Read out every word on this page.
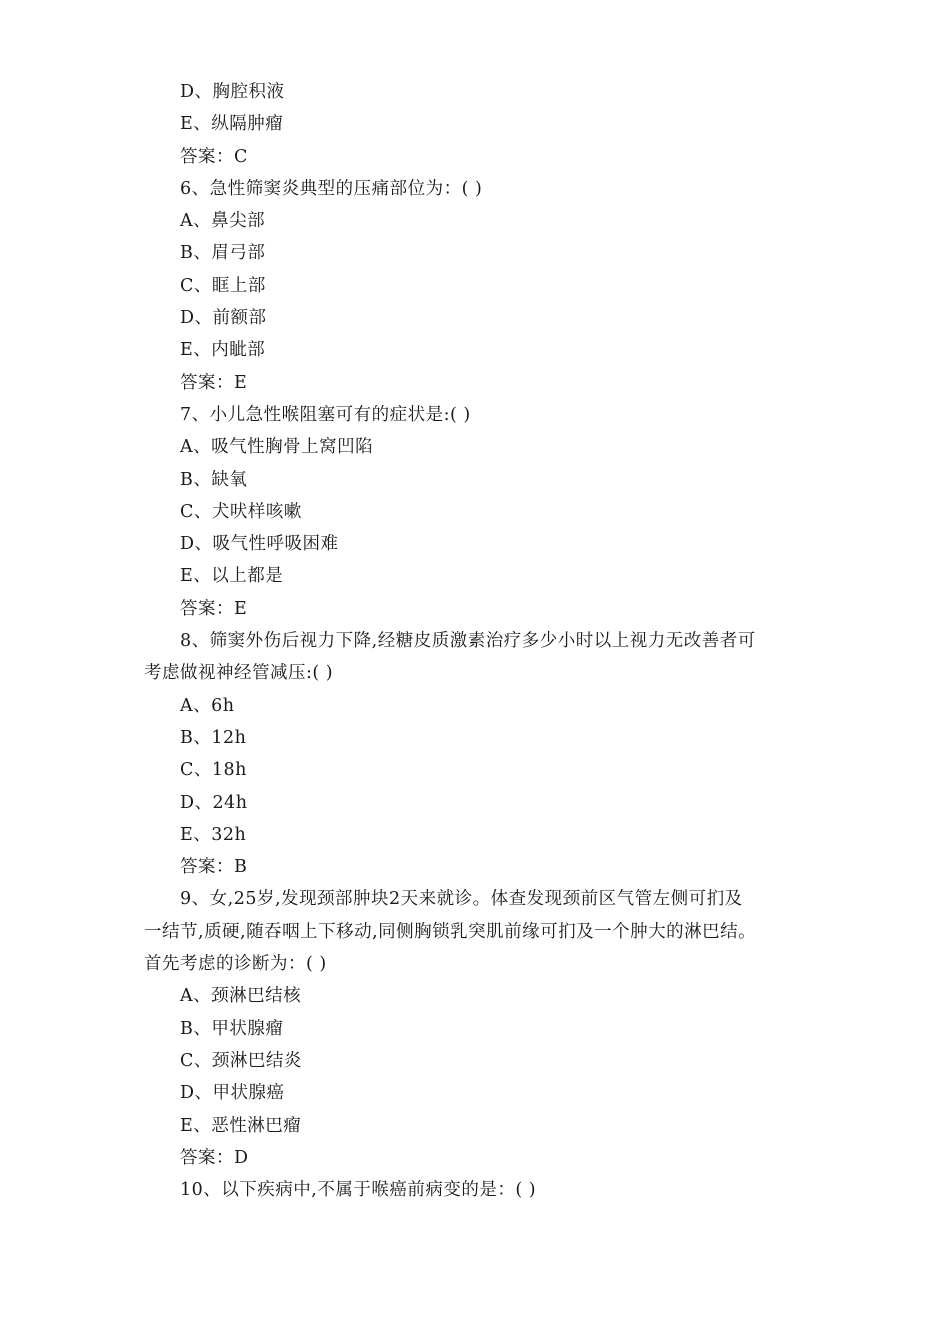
D、胸腔积液
E、纵隔肿瘤
答案：C
6、急性筛窦炎典型的压痛部位为：( )
A、鼻尖部
B、眉弓部
C、眶上部
D、前额部
E、内眦部
答案：E
7、小儿急性喉阻塞可有的症状是:( )
A、吸气性胸骨上窝凹陷
B、缺氧
C、犬吠样咳嗽
D、吸气性呼吸困难
E、以上都是
答案：E
8、筛窦外伤后视力下降,经糖皮质激素治疗多少小时以上视力无改善者可
考虑做视神经管减压:( )
A、6h
B、12h
C、18h
D、24h
E、32h
答案：B
9、女,25岁,发现颈部肿块2天来就诊。体查发现颈前区气管左侧可扪及
一结节,质硬,随吞咽上下移动,同侧胸锁乳突肌前缘可扪及一个肿大的淋巴结。
首先考虑的诊断为：( )
A、颈淋巴结核
B、甲状腺瘤
C、颈淋巴结炎
D、甲状腺癌
E、恶性淋巴瘤
答案：D
10、以下疾病中,不属于喉癌前病变的是：( )
